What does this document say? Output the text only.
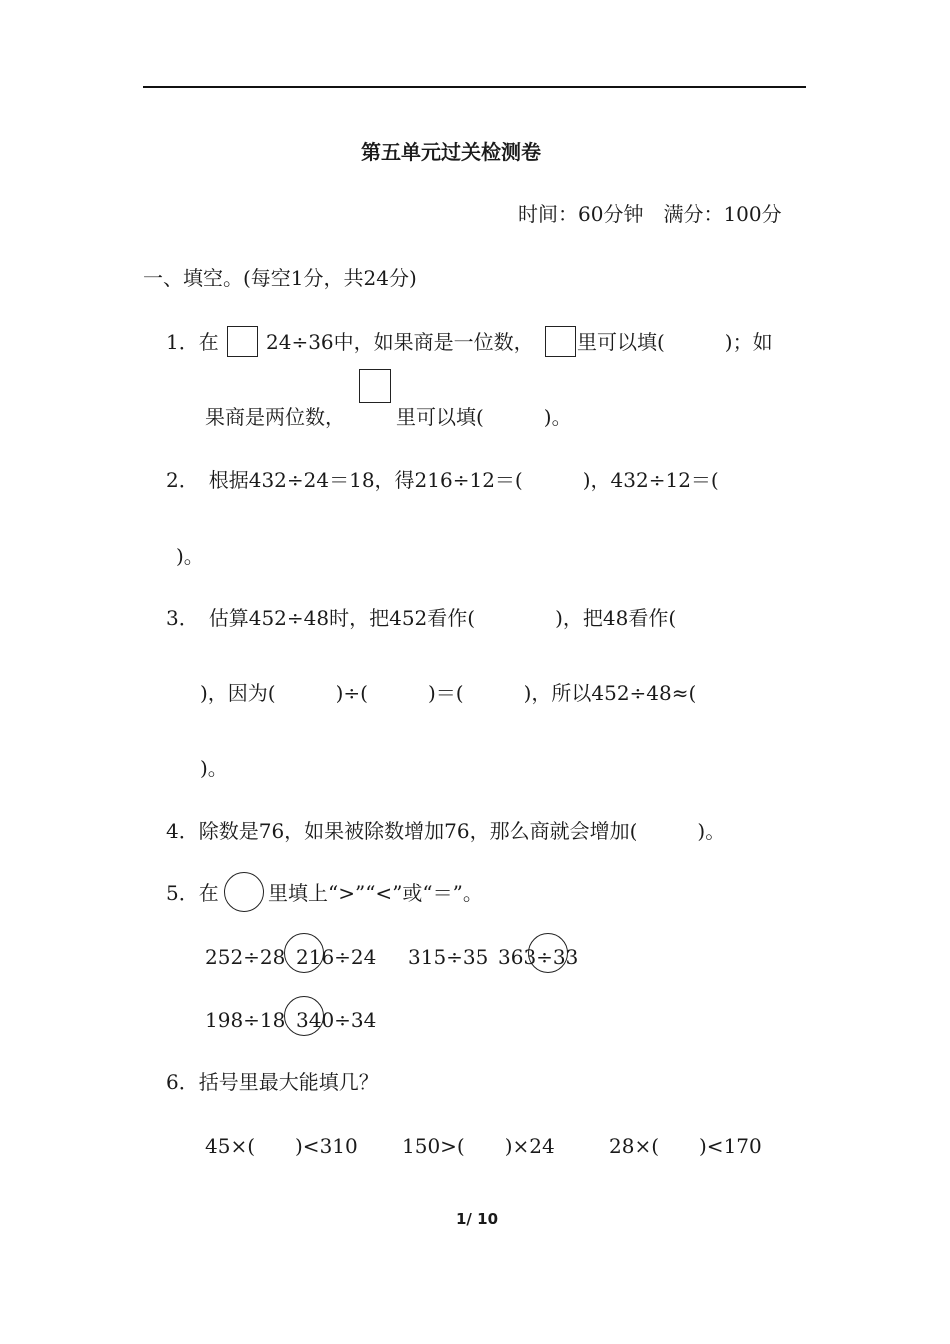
第五单元过关检测卷
时间：60分钟　满分：100分
一、填空。(每空1分，共24分)
1．在 24÷36中，如果商是一位数， 里可以填(　　　)；如
果商是两位数，	里可以填(　　　)。
2．　根据432÷24＝18，得216÷12＝(　　　)，432÷12＝(
)。
3．　估算452÷48时，把452看作(　　　　)，把48看作(
)，因为(　　　)÷(　　　)＝(　　　)，所以452÷48≈(
)。
4．除数是76，如果被除数增加76，那么商就会增加(　　　)。
5．在 里填上“>”“<”或“＝”。
252÷28 216÷24 315÷35 363÷33
198÷18 340÷34
6．括号里最大能填几？
45×(　　)<310 150>(　　)×24	28×(　　)<170
1/ 10
